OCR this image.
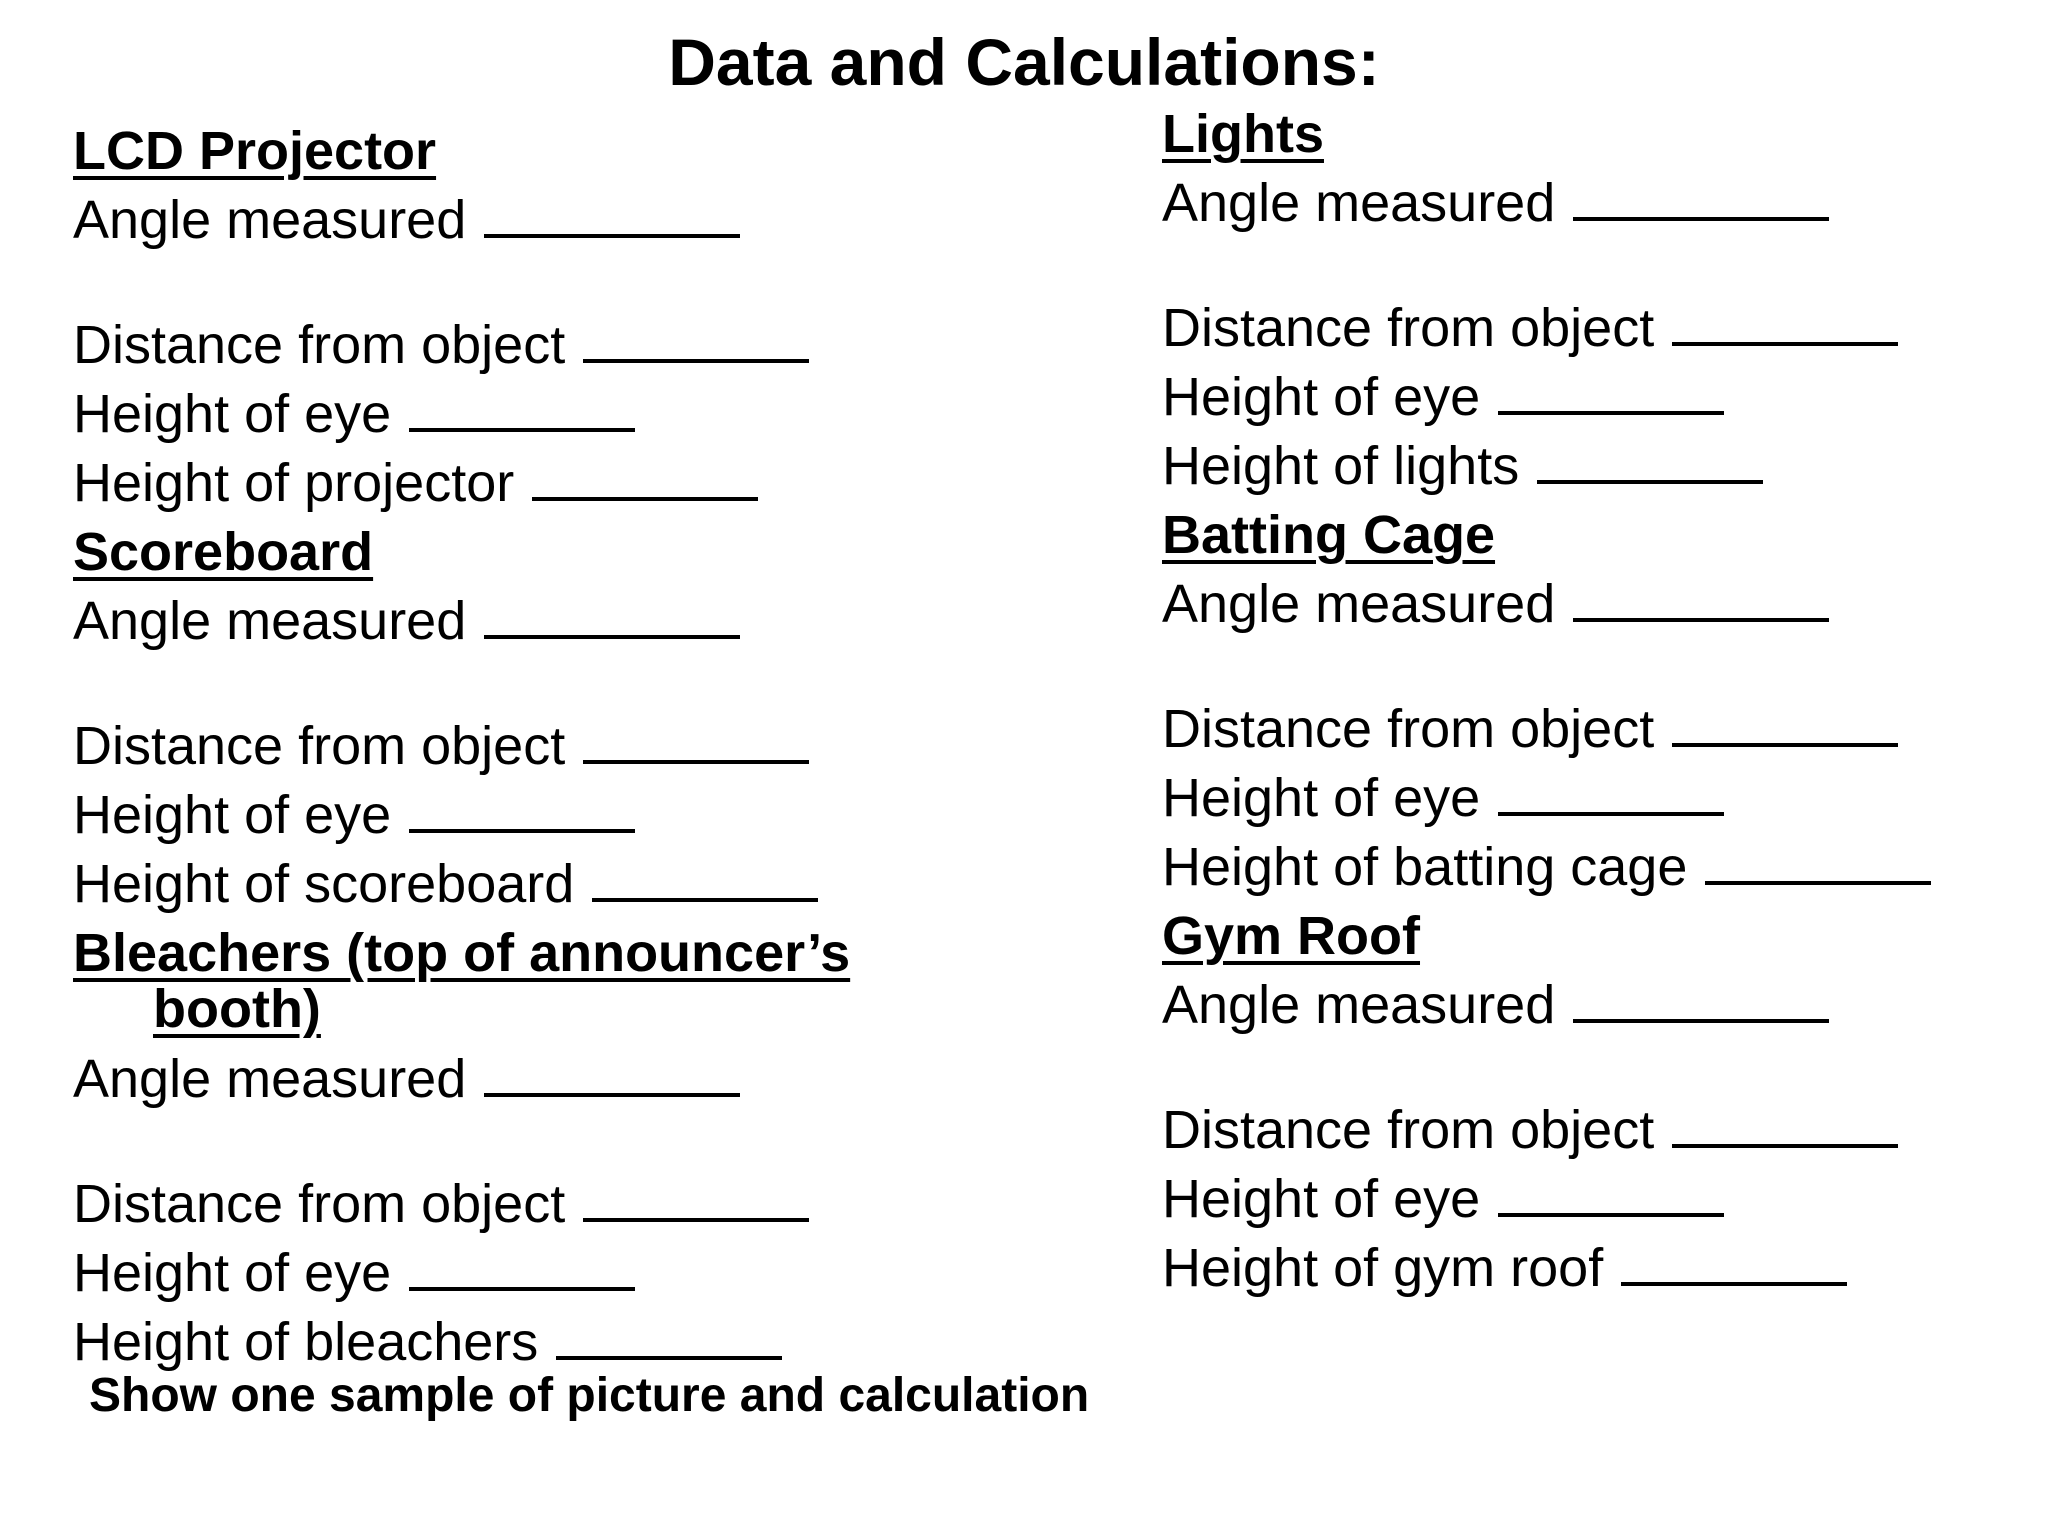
Data and Calculations:
LCD Projector
Angle measured
Distance from object
Height of eye
Height of projector
Scoreboard
Angle measured
Distance from object
Height of eye
Height of scoreboard
Bleachers (top of announcer’s booth)
Angle measured
Distance from object
Height of eye
Height of bleachers
Lights
Angle measured
Distance from object
Height of eye
Height of lights
Batting Cage
Angle measured
Distance from object
Height of eye
Height of batting cage
Gym Roof
Angle measured
Distance from object
Height of eye
Height of gym roof
Show one sample of picture and calculation
